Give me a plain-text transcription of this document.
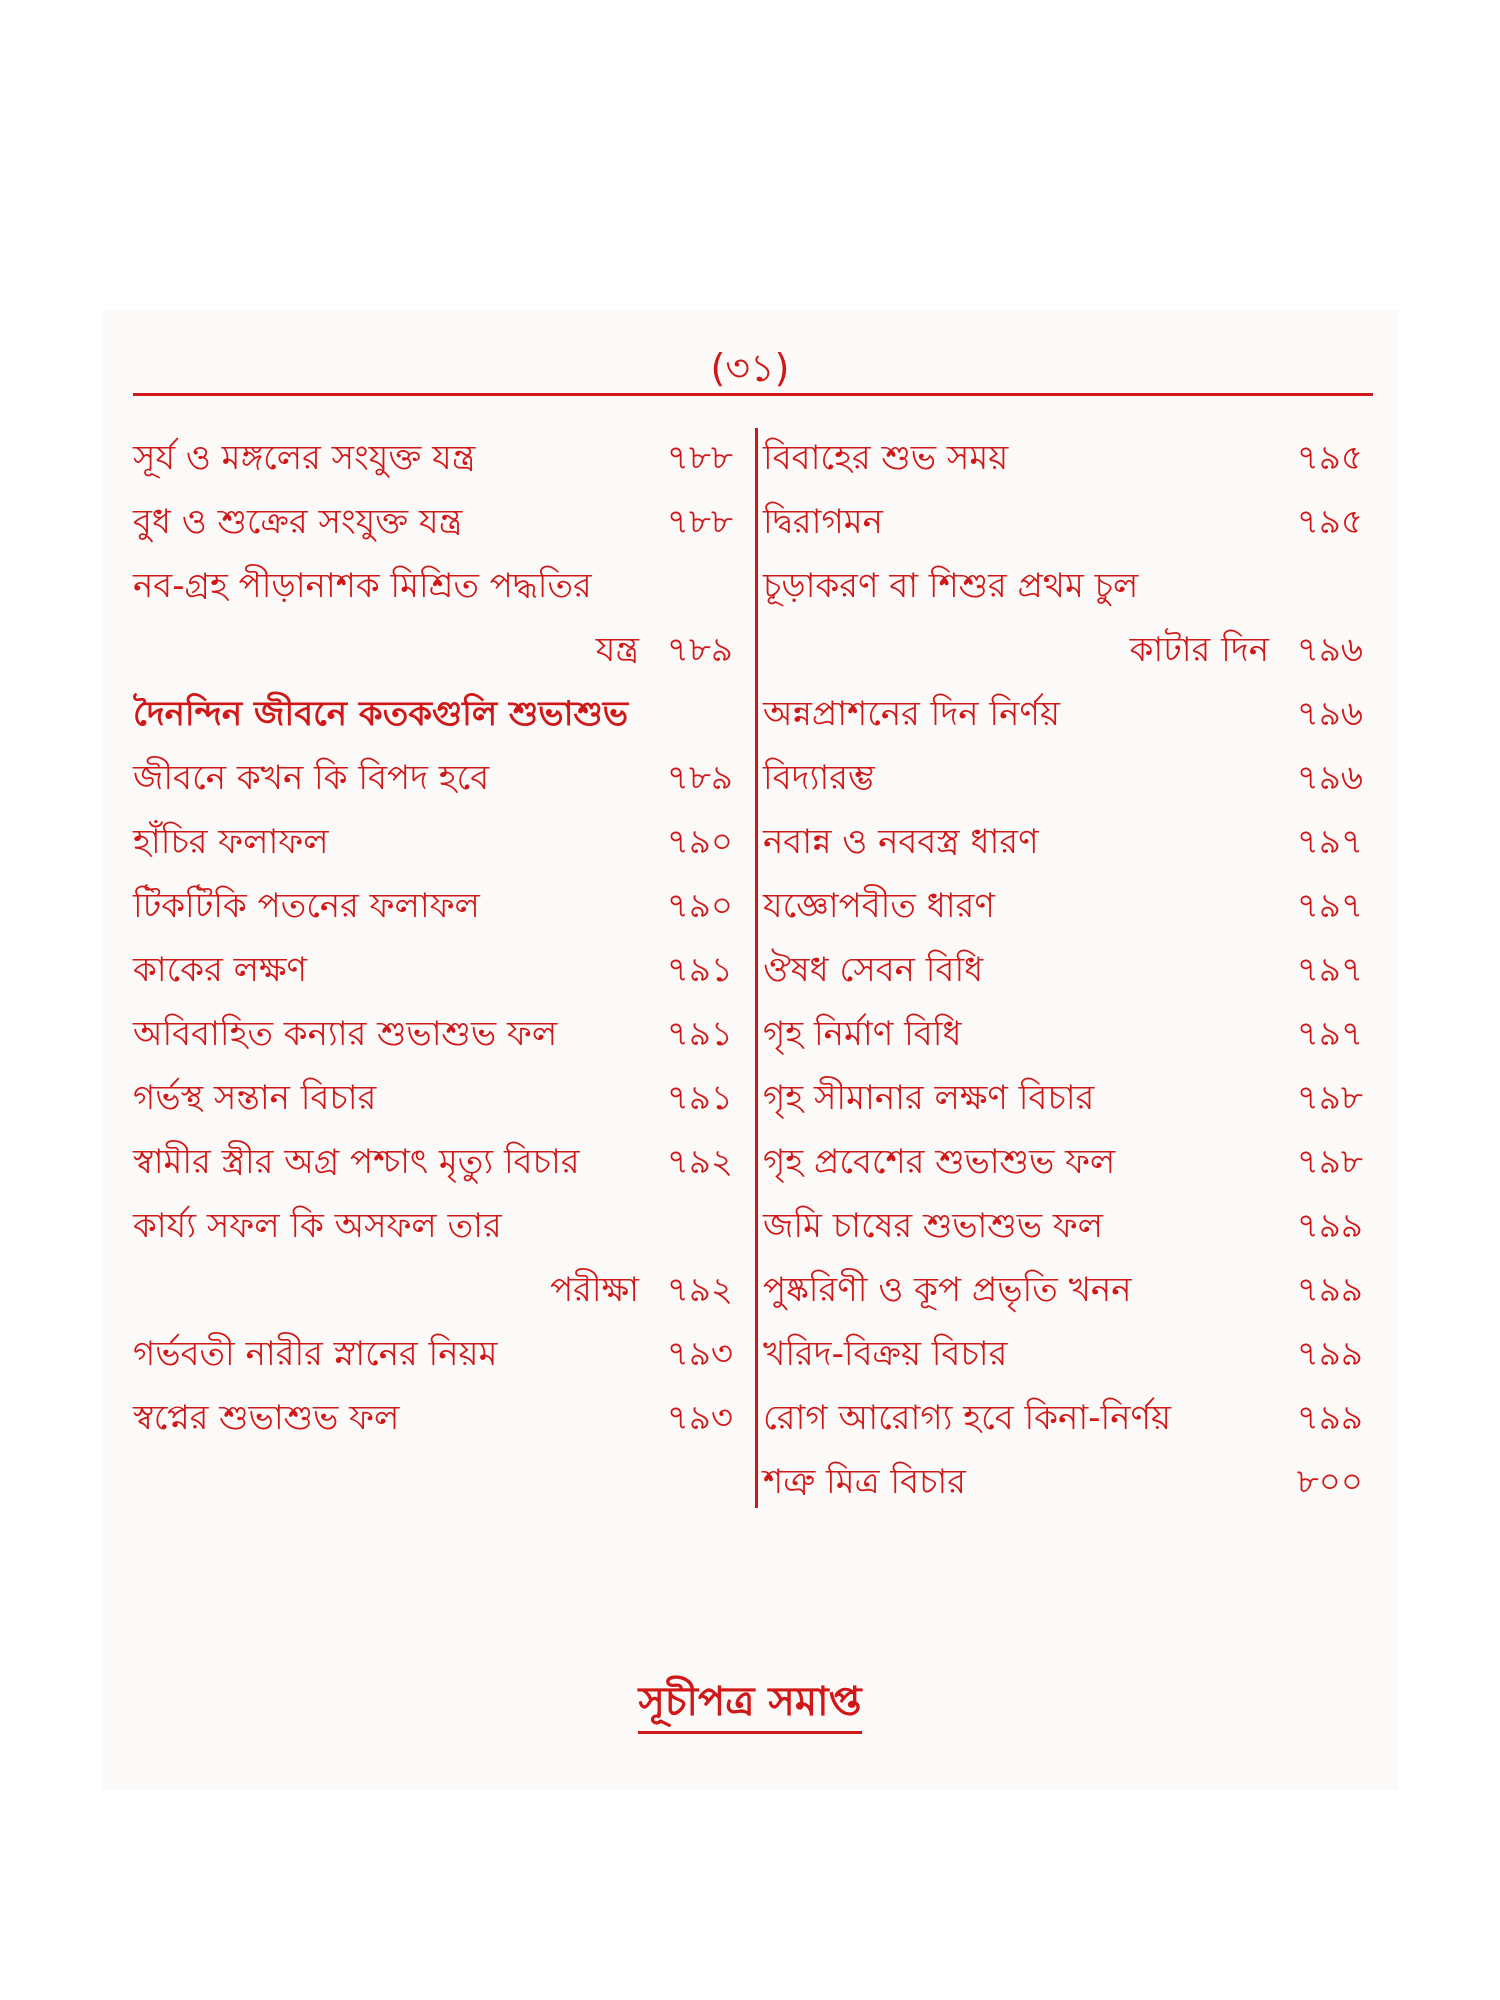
(৩১)
সূর্য ও মঙ্গলের সংযুক্ত যন্ত্র	৭৮৮
বুধ ও শুক্রের সংযুক্ত যন্ত্র	৭৮৮
নব-গ্রহ পীড়ানাশক মিশ্রিত পদ্ধতির
যন্ত্র ৭৮৯
দৈনন্দিন জীবনে কতকগুলি শুভাশুভ
জীবনে কখন কি বিপদ হবে	৭৮৯
হাঁচির ফলাফল	৭৯০
টিকটিকি পতনের ফলাফল	৭৯০
কাকের লক্ষণ	৭৯১
অবিবাহিত কন্যার শুভাশুভ ফল	৭৯১
গর্ভস্থ সন্তান বিচার	৭৯১
স্বামীর স্ত্রীর অগ্র পশ্চাৎ মৃত্যু বিচার	৭৯২
কার্য্য সফল কি অসফল তার
পরীক্ষা ৭৯২
গর্ভবতী নারীর স্নানের নিয়ম	৭৯৩
স্বপ্নের শুভাশুভ ফল	৭৯৩
বিবাহের শুভ সময়	৭৯৫
দ্বিরাগমন	৭৯৫
চূড়াকরণ বা শিশুর প্রথম চুল
কাটার দিন ৭৯৬
অন্নপ্রাশনের দিন নির্ণয়	৭৯৬
বিদ্যারম্ভ	৭৯৬
নবান্ন ও নববস্ত্র ধারণ	৭৯৭
যজ্ঞোপবীত ধারণ	৭৯৭
ঔষধ সেবন বিধি	৭৯৭
গৃহ নির্মাণ বিধি	৭৯৭
গৃহ সীমানার লক্ষণ বিচার	৭৯৮
গৃহ প্রবেশের শুভাশুভ ফল	৭৯৮
জমি চাষের শুভাশুভ ফল	৭৯৯
পুষ্করিণী ও কূপ প্রভৃতি খনন	৭৯৯
খরিদ-বিক্রয় বিচার	৭৯৯
রোগ আরোগ্য হবে কিনা-নির্ণয়	৭৯৯
শত্রু মিত্র বিচার	৮০০
সূচীপত্র সমাপ্ত
